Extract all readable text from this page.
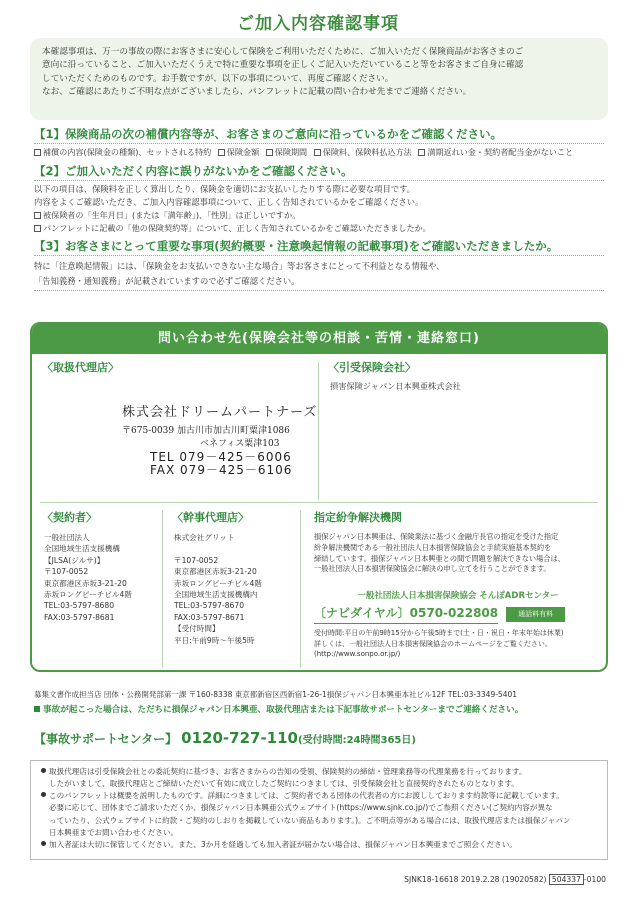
ご加入内容確認事項
本確認事項は、万一の事故の際にお客さまに安心して保険をご利用いただくために、ご加入いただく保険商品がお客さまのご
意向に沿っていること、ご加入いただくうえで特に重要な事項を正しくご記入いただいていること等をお客さまご自身に確認
していただくためのものです。お手数ですが、以下の事項について、再度ご確認ください。
なお、ご確認にあたりご不明な点がございましたら、パンフレットに記載の問い合わせ先までご連絡ください。
【1】保険商品の次の補償内容等が、お客さまのご意向に沿っているかをご確認ください。
補償の内容(保険金の種類)、セットされる特約 保険金額 保険期間 保険料、保険料払込方法 満期返れい金・契約者配当金がないこと
【2】ご加入いただく内容に誤りがないかをご確認ください。
以下の項目は、保険料を正しく算出したり、保険金を適切にお支払いしたりする際に必要な項目です。
内容をよくご確認いただき、ご加入内容確認事項について、正しく告知されているかをご確認ください。
被保険者の「生年月日」(または「満年齢」)、「性別」は正しいですか。
パンフレットに記載の「他の保険契約等」について、正しく告知されているかをご確認いただきましたか。
【3】お客さまにとって重要な事項(契約概要・注意喚起情報の記載事項)をご確認いただきましたか。
特に「注意喚起情報」には、「保険金をお支払いできない主な場合」等お客さまにとって不利益となる情報や、
「告知義務・通知義務」が記載されていますので必ずご確認ください。
問い合わせ先(保険会社等の相談・苦情・連絡窓口)
〈取扱代理店〉	〈引受保険会社〉
損害保険ジャパン日本興亜株式会社
株式会社ドリームパートナーズ
〒675-0039 加古川市加古川町粟津1086
ベネフィス粟津103
TEL 079－425－6006
FAX 079－425－6106
〈契約者〉
一般社団法人
全国地域生活支援機構
【JLSA(ジルサ)】
〒107-0052
東京都港区赤坂3-21-20
赤坂ロングビーチビル4階
TEL:03-5797-8680
FAX:03-5797-8681
〈幹事代理店〉
株式会社グリット

〒107-0052
東京都港区赤坂3-21-20
赤坂ロングビーチビル4階
全国地域生活支援機構内
TEL:03-5797-8670
FAX:03-5797-8671
【受付時間】
平日:午前9時～午後5時
指定紛争解決機関
損保ジャパン日本興亜は、保険業法に基づく金融庁長官の指定を受けた指定
紛争解決機関である一般社団法人日本損害保険協会と手続実施基本契約を
締結しています。損保ジャパン日本興亜との間で問題を解決できない場合は、
一般社団法人日本損害保険協会に解決の申し立てを行うことができます。
一般社団法人日本損害保険協会 そんぽADRセンター
〔ナビダイヤル〕 0570-022808	通話料有料
受付時間:平日の午前9時15分から午後5時まで(土・日・祝日・年末年始は休業)
詳しくは、一般社団法人日本損害保険協会のホームページをご覧ください。
(http://www.sonpo.or.jp/)
募集文書作成担当店 団体・公務開発部第一課 〒160-8338 東京都新宿区西新宿1-26-1損保ジャパン日本興亜本社ビル12F TEL:03-3349-5401
事故が起こった場合は、ただちに損保ジャパン日本興亜、取扱代理店または下記事故サポートセンターまでご連絡ください。
【事故サポートセンター】 0120-727-110(受付時間:24時間365日)
取扱代理店は引受保険会社との委託契約に基づき、お客さまからの告知の受領、保険契約の締結・管理業務等の代理業務を行っております。
したがいまして、取扱代理店とご締結いただいて有効に成立したご契約につきましては、引受保険会社と直接契約されたものとなります。
このパンフレットは概要を説明したものです。詳細につきましては、ご契約者である団体の代表者の方にお渡ししております約款等に記載しています。
必要に応じて、団体までご請求いただくか、損保ジャパン日本興亜公式ウェブサイト(https://www.sjnk.co.jp/)でご参照ください(ご契約内容が異な
っていたり、公式ウェブサイトに約款・ご契約のしおりを掲載していない商品もあります。)。ご不明点等がある場合には、取扱代理店または損保ジャパン
日本興亜までお問い合わせください。
加入者証は大切に保管してください。また、3か月を経過しても加入者証が届かない場合は、損保ジャパン日本興亜までご照会ください。
SJNK18-16618 2019.2.28 (19020582) 504337 -0100
